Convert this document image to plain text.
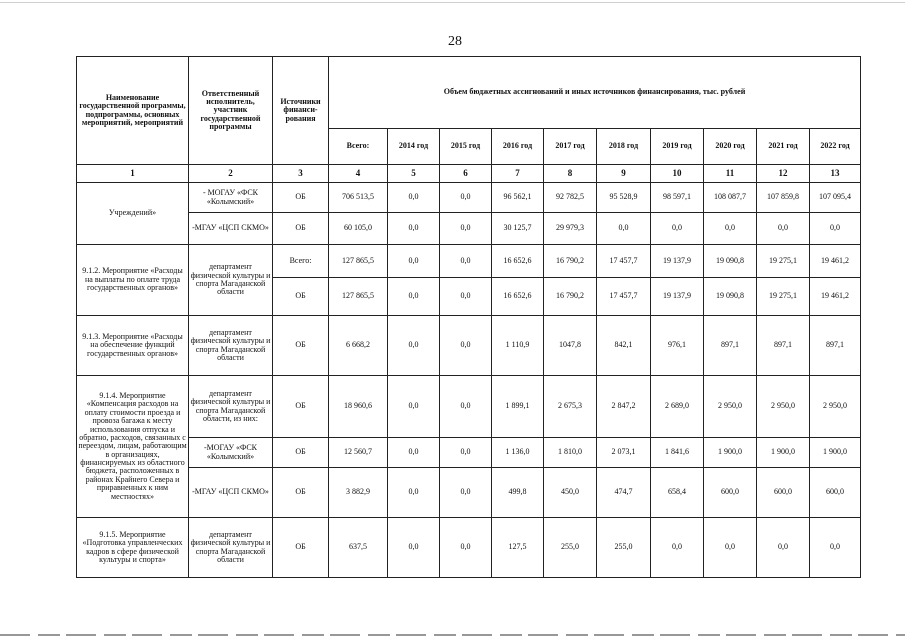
28
Наименование государственной программы, подпрограммы, основных мероприятий, мероприятий	Ответственный исполнитель, участник государственной программы	Источники финанси-рования	Объем бюджетных ассигнований и иных источников финансирования, тыс. рублей									
			Всего:	2014 год	2015 год	2016 год	2017 год	2018 год	2019 год	2020 год	2021 год	2022 год
1	2	3	4	5	6	7	8	9	10	11	12	13
Учреждений»	- МОГАУ «ФСК «Колымский»	ОБ	706 513,5	0,0	0,0	96 562,1	92 782,5	95 528,9	98 597,1	108 087,7	107 859,8	107 095,4
	-МГАУ «ЦСП СКМО»	ОБ	60 105,0	0,0	0,0	30 125,7	29 979,3	0,0	0,0	0,0	0,0	0,0
9.1.2. Мероприятие «Расходы на выплаты по оплате труда государственных органов»	департамент физической культуры и спорта Магаданской области	Всего:	127 865,5	0,0	0,0	16 652,6	16 790,2	17 457,7	19 137,9	19 090,8	19 275,1	19 461,2
		ОБ	127 865,5	0,0	0,0	16 652,6	16 790,2	17 457,7	19 137,9	19 090,8	19 275,1	19 461,2
9.1.3. Мероприятие «Расходы на обеспечение функций государственных органов»	департамент физической культуры и спорта Магаданской области	ОБ	6 668,2	0,0	0,0	1 110,9	1047,8	842,1	976,1	897,1	897,1	897,1
9.1.4. Мероприятие «Компенсация расходов на оплату стоимости проезда и провоза багажа к месту использования отпуска и обратно, расходов, связанных с переездом, лицам, работающим в организациях, финансируемых из областного бюджета, расположенных в районах Крайнего Севера и приравненных к ним местностях»	департамент физической культуры и спорта Магаданской области, из них:	ОБ	18 960,6	0,0	0,0	1 899,1	2 675,3	2 847,2	2 689,0	2 950,0	2 950,0	2 950,0
	-МОГАУ «ФСК «Колымский»	ОБ	12 560,7	0,0	0,0	1 136,0	1 810,0	2 073,1	1 841,6	1 900,0	1 900,0	1 900,0
	-МГАУ «ЦСП СКМО»	ОБ	3 882,9	0,0	0,0	499,8	450,0	474,7	658,4	600,0	600,0	600,0
9.1.5. Мероприятие «Подготовка управленческих кадров в сфере физической культуры и спорта»	департамент физической культуры и спорта Магаданской области	ОБ	637,5	0,0	0,0	127,5	255,0	255,0	0,0	0,0	0,0	0,0
